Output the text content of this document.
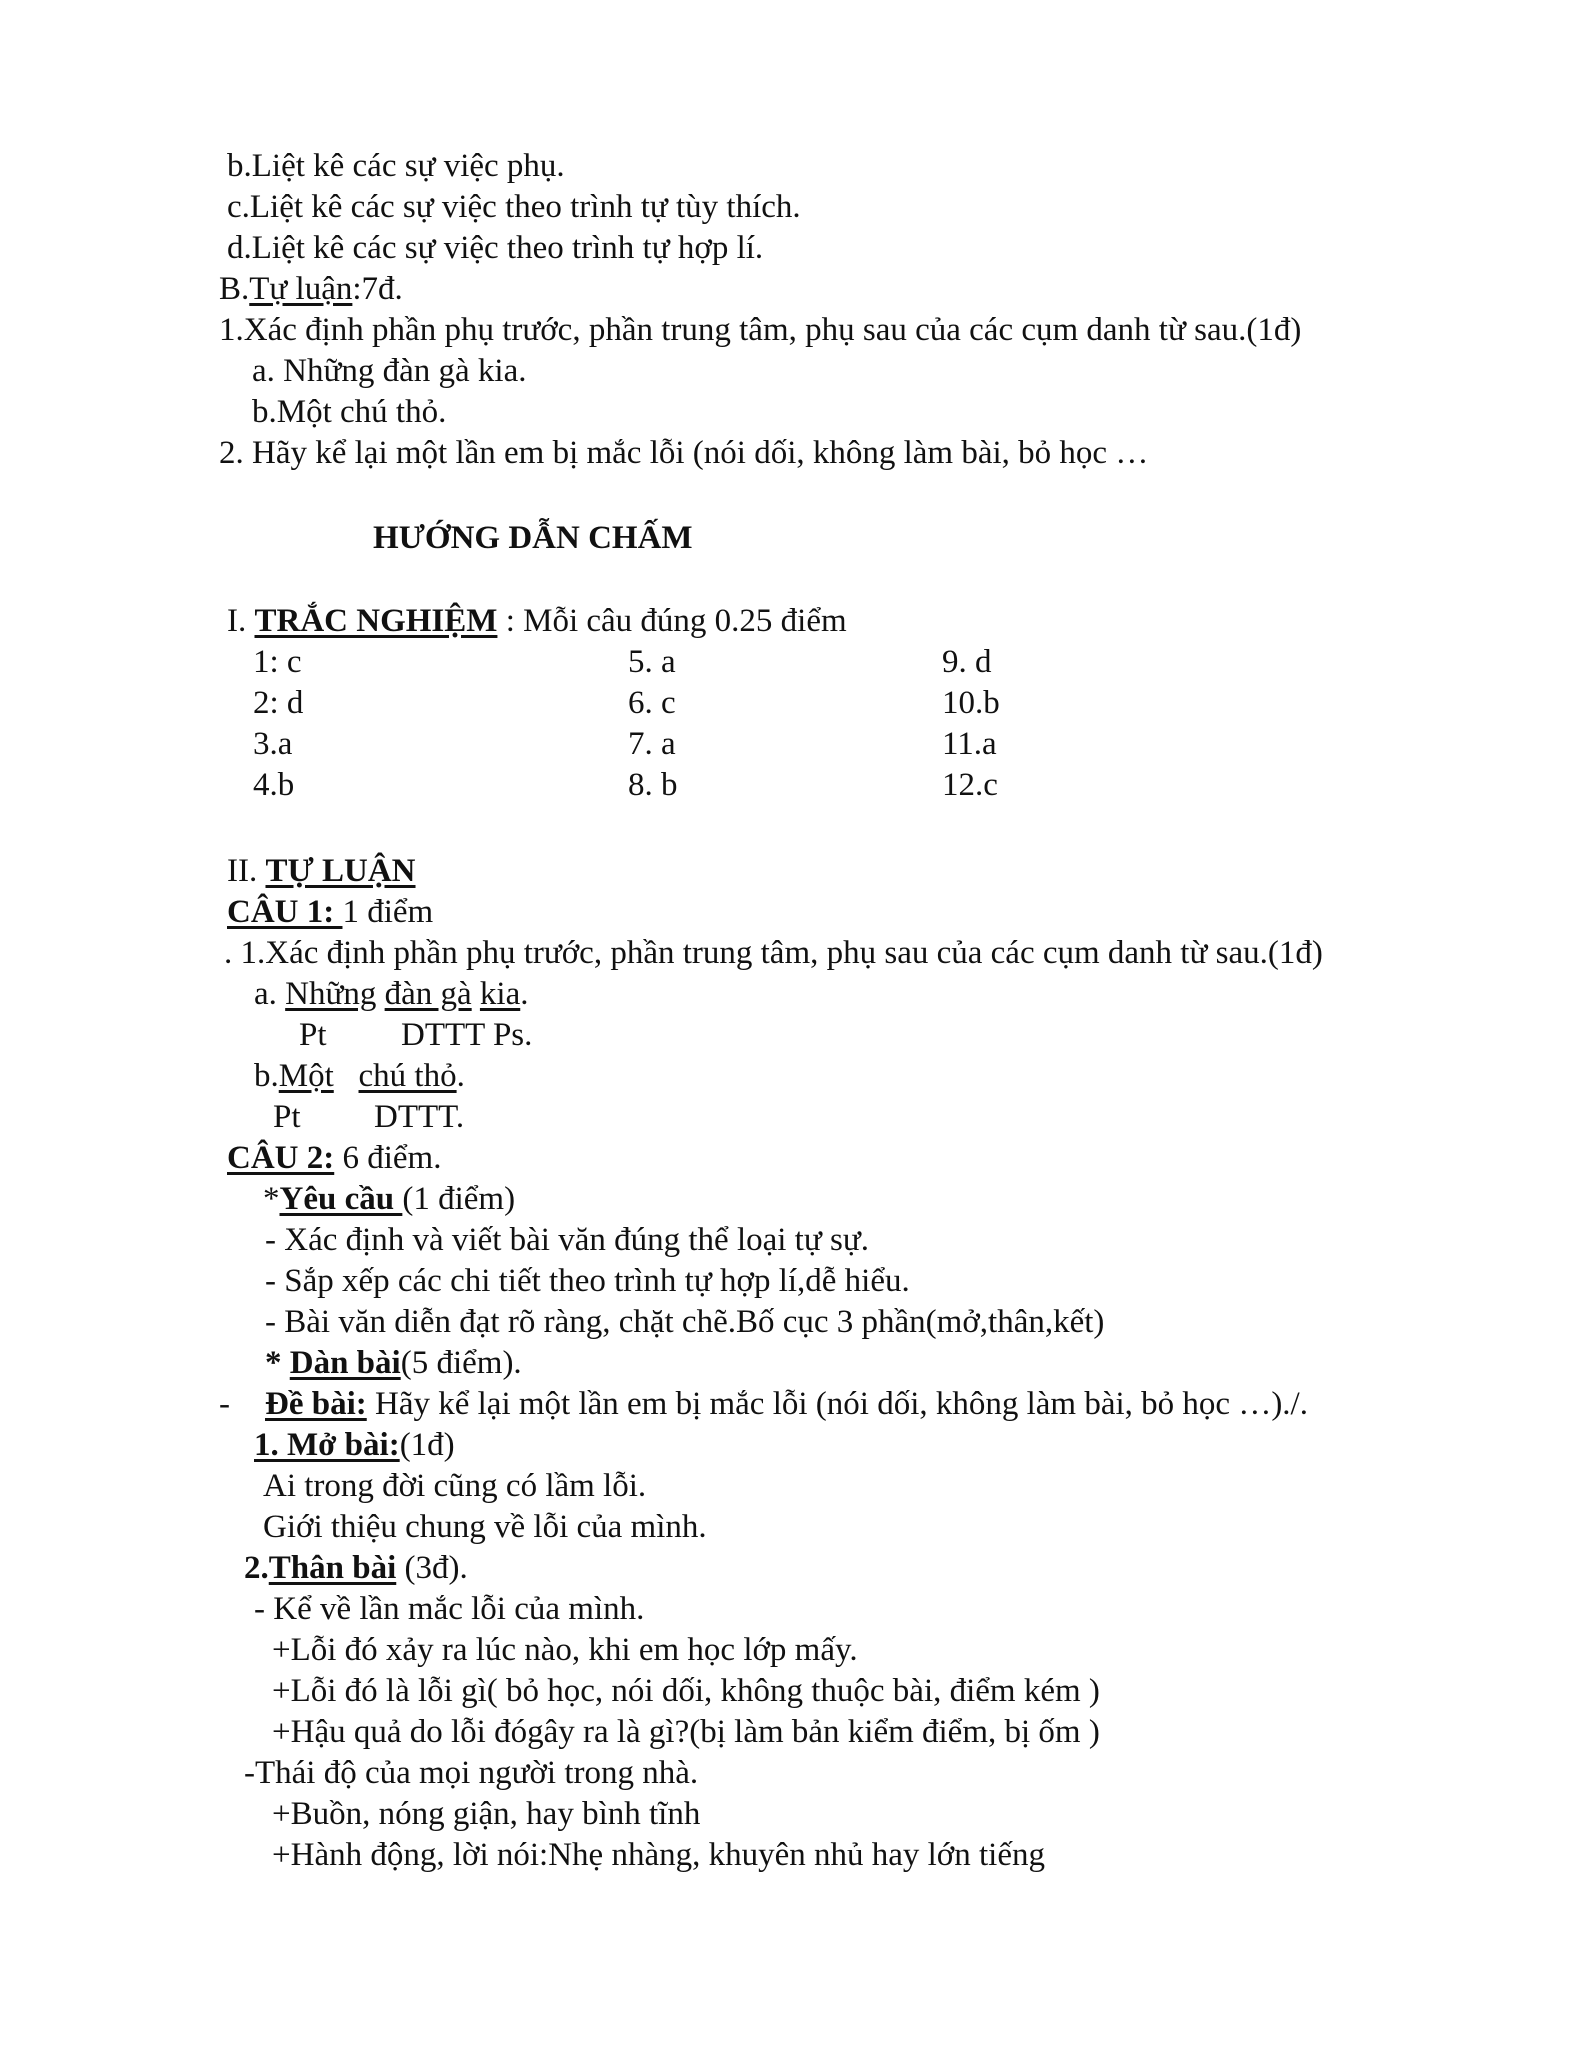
b.Liệt kê các sự việc phụ.
c.Liệt kê các sự việc theo trình tự tùy thích.
d.Liệt kê các sự việc theo trình tự hợp lí.
B.Tự luận:7đ.
1.Xác định phần phụ trước, phần trung tâm, phụ sau của các cụm danh từ sau.(1đ)
a. Những đàn gà kia.
b.Một chú thỏ.
2. Hãy kể lại một lần em bị mắc lỗi (nói dối, không làm bài, bỏ học …
HƯỚNG DẪN CHẤM
I. TRẮC NGHIỆM : Mỗi câu đúng 0.25 điểm
1: c
2: d
3.a
4.b
5. a
6. c
7. a
8. b
9. d
10.b
11.a
12.c
II. TỰ LUẬN
CÂU 1: 1 điểm
. 1.Xác định phần phụ trước, phần trung tâm, phụ sau của các cụm danh từ sau.(1đ)
a. Những đàn gà kia.
Pt DTTT Ps.
b.Một chú thỏ.
Pt DTTT.
CÂU 2: 6 điểm.
*Yêu cầu (1 điểm)
- Xác định và viết bài văn đúng thể loại tự sự.
- Sắp xếp các chi tiết theo trình tự hợp lí,dễ hiểu.
- Bài văn diễn đạt rõ ràng, chặt chẽ.Bố cục 3 phần(mở,thân,kết)
* Dàn bài(5 điểm).
- Đề bài: Hãy kể lại một lần em bị mắc lỗi (nói dối, không làm bài, bỏ học …)./.
1. Mở bài:(1đ)
Ai trong đời cũng có lầm lỗi.
Giới thiệu chung về lỗi của mình.
2.Thân bài (3đ).
- Kể về lần mắc lỗi của mình.
+Lỗi đó xảy ra lúc nào, khi em học lớp mấy.
+Lỗi đó là lỗi gì( bỏ học, nói dối, không thuộc bài, điểm kém )
+Hậu quả do lỗi đógây ra là gì?(bị làm bản kiểm điểm, bị ốm )
-Thái độ của mọi người trong nhà.
+Buồn, nóng giận, hay bình tĩnh
+Hành động, lời nói:Nhẹ nhàng, khuyên nhủ hay lớn tiếng
